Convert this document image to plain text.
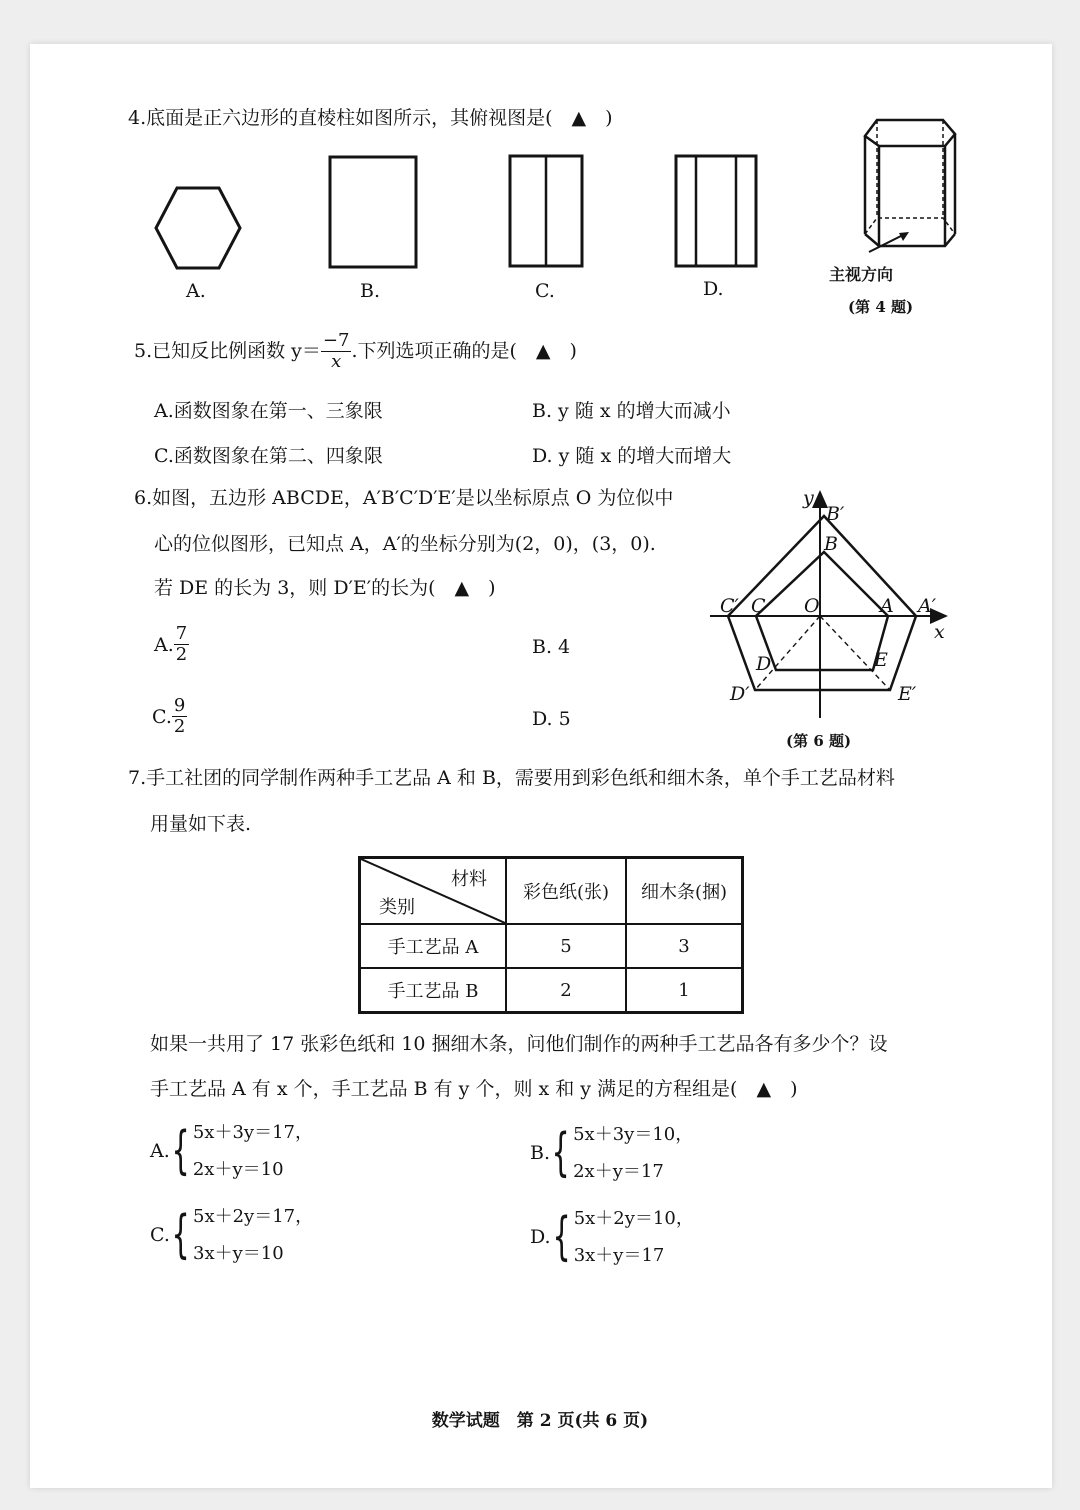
4.底面是正六边形的直棱柱如图所示，其俯视图是(　▲　)
A.	B.	C.	D.
主视方向
(第 4 题)
5.已知反比例函数 $y= \frac{-7}{x}$ .下列选项正确的是(　▲　)
A.函数图象在第一、三象限	B. y 随 x 的增大而减小
C.函数图象在第二、四象限	D. y 随 x 的增大而增大
6.如图，五边形 ABCDE，A′B′C′D′E′是以坐标原点 O 为位似中
心的位似图形，已知点 A，A′的坐标分别为(2，0)，(3，0).
若 DE 的长为 3，则 D′E′的长为(　▲　)
A. $\frac{7}{2}$	B. 4
C. $\frac{9}{2}$	D. 5
y
x
O	A A′
B
B′
C
C′
D
D′
E
E′
(第 6 题)
7.手工社团的同学制作两种手工艺品 A 和 B，需要用到彩色纸和细木条，单个手工艺品材料
用量如下表.
材料
类别	彩色纸(张)	细木条(捆)
手工艺品 A	5	3
手工艺品 B	2	1
如果一共用了 17 张彩色纸和 10 捆细木条，问他们制作的两种手工艺品各有多少个？设
手工艺品 A 有 x 个，手工艺品 B 有 y 个，则 x 和 y 满足的方程组是(　▲　)
A. { 5x＋3y＝17，
2x＋y＝10
B. { 5x＋3y＝10，
2x＋y＝17
C. { 5x＋2y＝17，
3x＋y＝10
D. { 5x＋2y＝10，
3x＋y＝17
数学试题　第 2 页(共 6 页)
